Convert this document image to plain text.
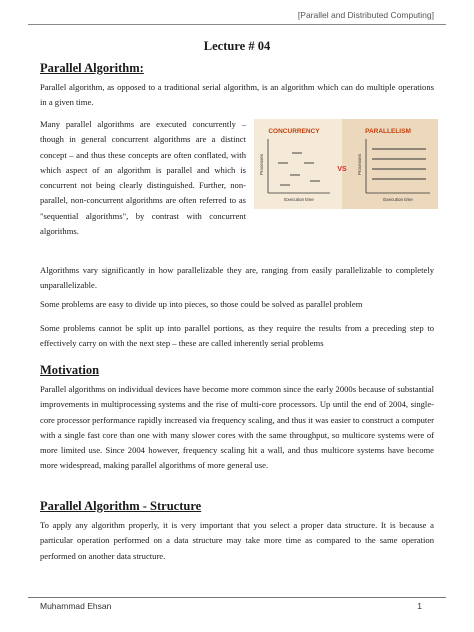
[Parallel and Distributed Computing]
Lecture # 04
Parallel Algorithm:

Parallel algorithm, as opposed to a traditional serial algorithm, is an algorithm which can do multiple operations in a given time.

Many parallel algorithms are executed concurrently – though in general concurrent algorithms are a distinct concept – and thus these concepts are often conflated, with which aspect of an algorithm is parallel and which is concurrent not being clearly distinguished. Further, non-parallel, non-concurrent algorithms are often referred to as "sequential algorithms", by contrast with concurrent algorithms.

CONCURRENCY	PARALLELISM
VS
Processes
Execution time
Processes
Execution time

Algorithms vary significantly in how parallelizable they are, ranging from easily parallelizable to completely unparallelizable.

Some problems are easy to divide up into pieces, so those could be solved as parallel problem

Some problems cannot be split up into parallel portions, as they require the results from a preceding step to effectively carry on with the next step – these are called inherently serial problems

Motivation

Parallel algorithms on individual devices have become more common since the early 2000s because of substantial improvements in multiprocessing systems and the rise of multi-core processors. Up until the end of 2004, single-core processor performance rapidly increased via frequency scaling, and thus it was easier to construct a computer with a single fast core than one with many slower cores with the same throughput, so multicore systems were of more limited use. Since 2004 however, frequency scaling hit a wall, and thus multicore systems have become more widespread, making parallel algorithms of more general use.

Parallel Algorithm - Structure

To apply any algorithm properly, it is very important that you select a proper data structure. It is because a particular operation performed on a data structure may take more time as compared to the same operation performed on another data structure.

Muhammad Ehsan	1
